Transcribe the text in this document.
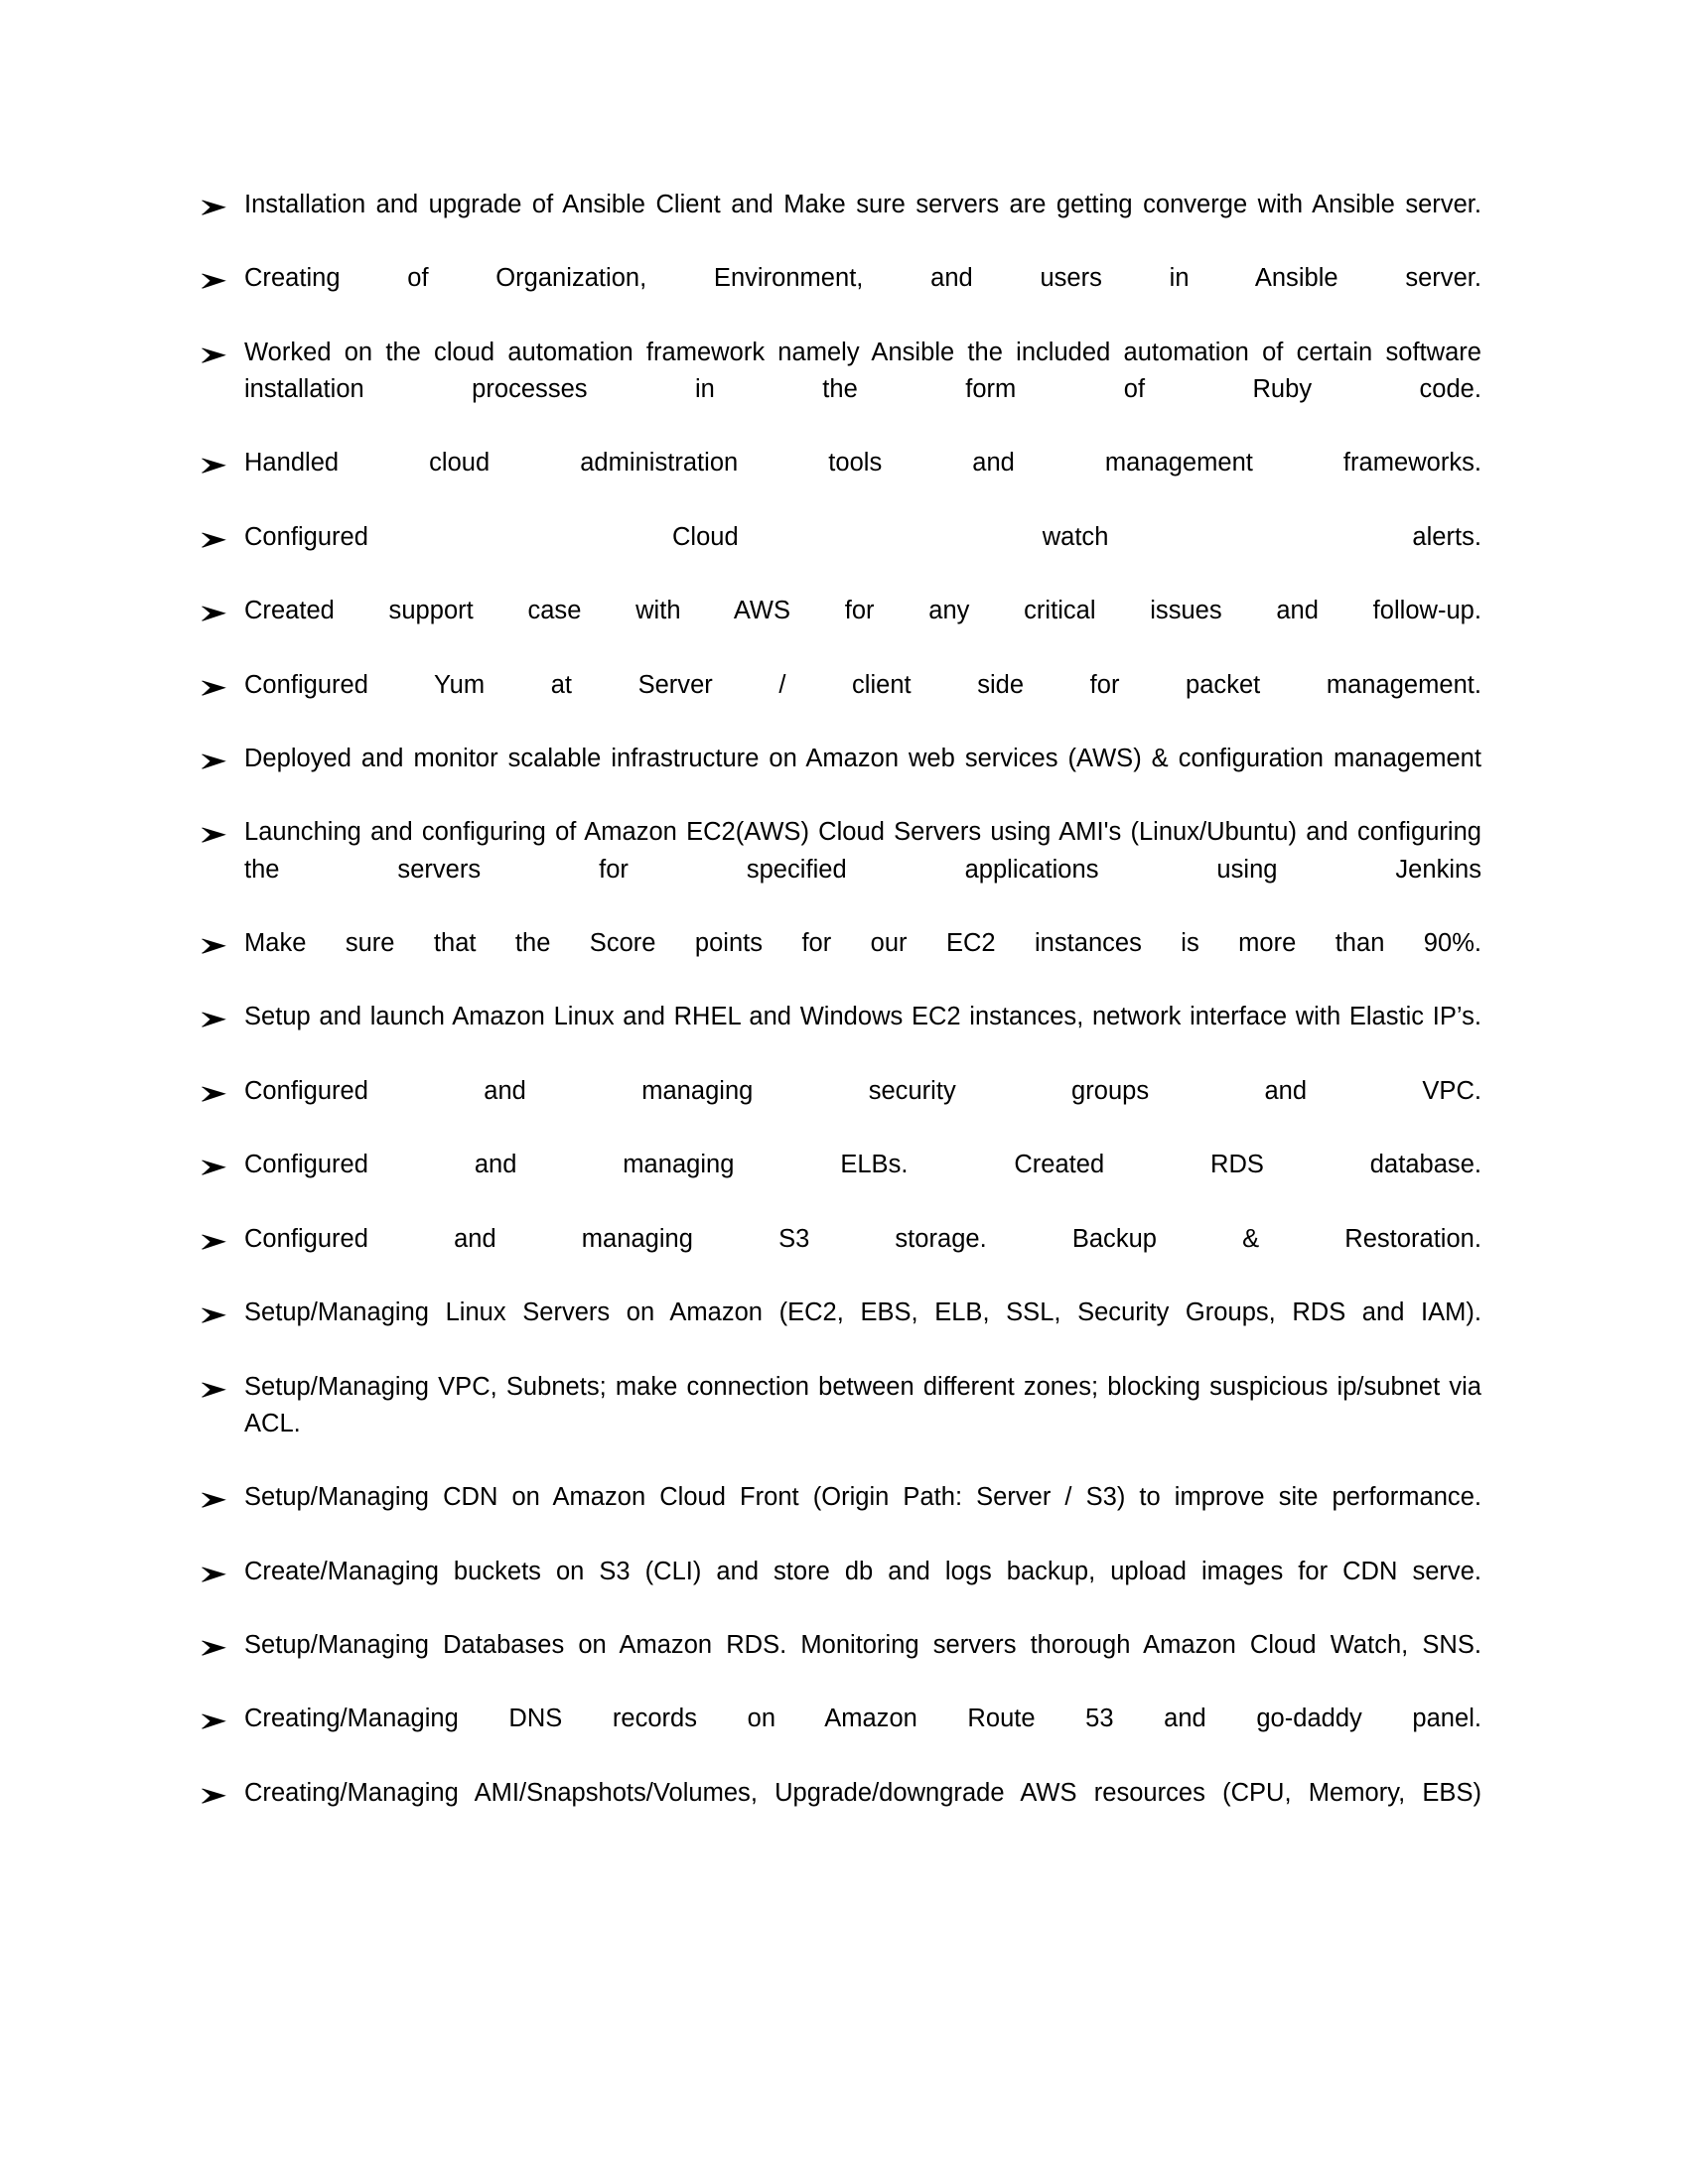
Installation and upgrade of Ansible Client and Make sure servers are getting converge with Ansible server.
Creating of Organization, Environment, and users in Ansible server.
Worked on the cloud automation framework namely Ansible the included automation of certain software installation processes in the form of Ruby code.
Handled cloud administration tools and management frameworks.
Configured Cloud watch alerts.
Created support case with AWS for any critical issues and follow-up.
Configured Yum at Server / client side for packet management.
Deployed and monitor scalable infrastructure on Amazon web services (AWS) & configuration management
Launching and configuring of Amazon EC2(AWS) Cloud Servers using AMI's (Linux/Ubuntu) and configuring the servers for specified applications using Jenkins
Make sure that the Score points for our EC2 instances is more than 90%.
Setup and launch Amazon Linux and RHEL and Windows EC2 instances, network interface with Elastic IP’s.
Configured and managing security groups and VPC.
Configured and managing ELBs. Created RDS database.
Configured and managing S3 storage. Backup & Restoration.
Setup/Managing Linux Servers on Amazon (EC2, EBS, ELB, SSL, Security Groups, RDS and IAM).
Setup/Managing VPC, Subnets; make connection between different zones; blocking suspicious ip/subnet via ACL.
Setup/Managing CDN on Amazon Cloud Front (Origin Path: Server / S3) to improve site performance.
Create/Managing buckets on S3 (CLI) and store db and logs backup, upload images for CDN serve.
Setup/Managing Databases on Amazon RDS. Monitoring servers thorough Amazon Cloud Watch, SNS.
Creating/Managing DNS records on Amazon Route 53 and go-daddy panel.
Creating/Managing AMI/Snapshots/Volumes, Upgrade/downgrade AWS resources (CPU, Memory, EBS)
